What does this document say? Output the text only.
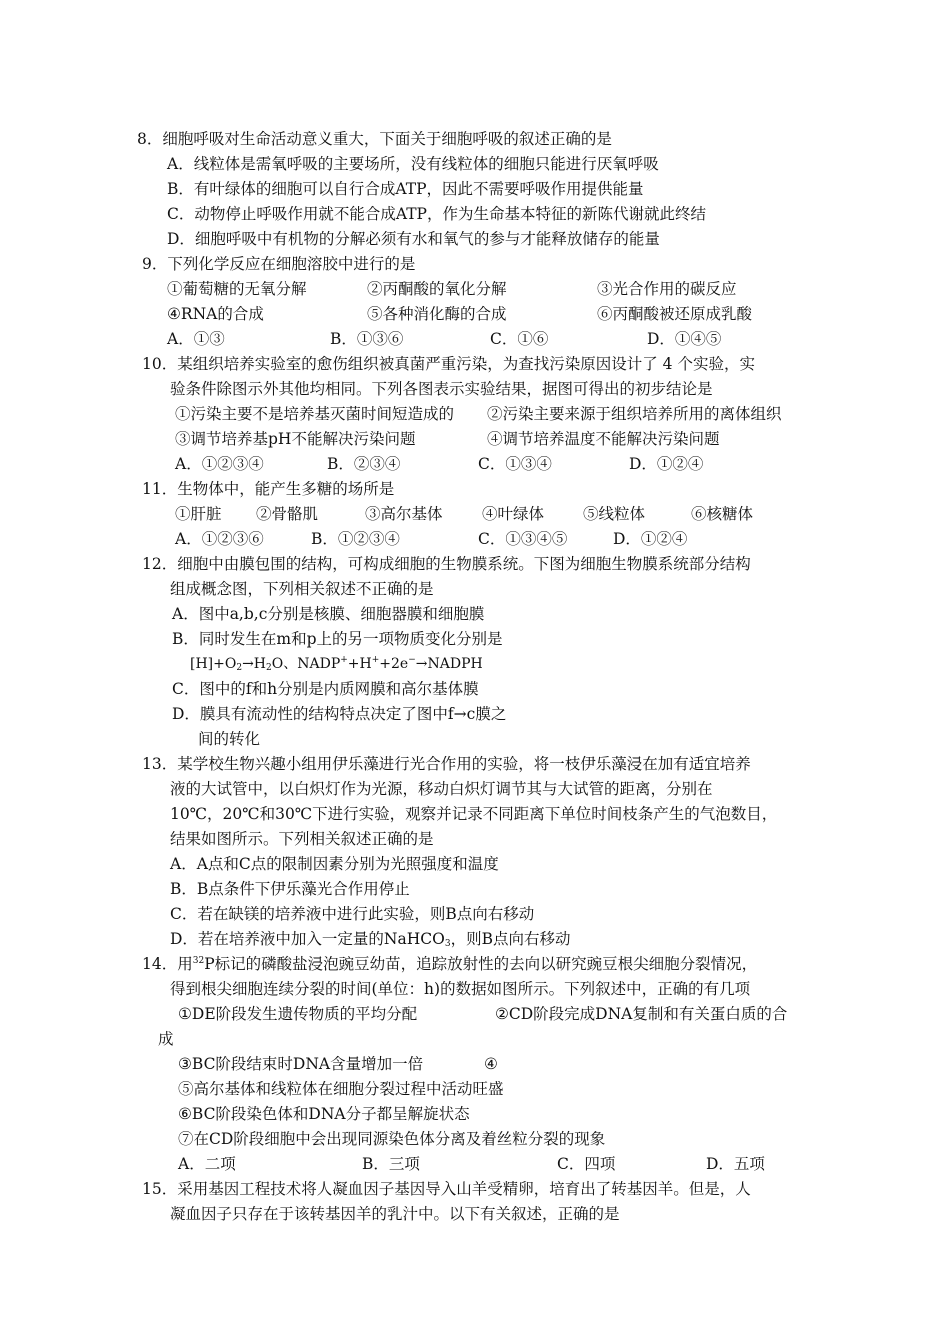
8．细胞呼吸对生命活动意义重大，下面关于细胞呼吸的叙述正确的是
A．线粒体是需氧呼吸的主要场所，没有线粒体的细胞只能进行厌氧呼吸
B．有叶绿体的细胞可以自行合成ATP，因此不需要呼吸作用提供能量
C．动物停止呼吸作用就不能合成ATP，作为生命基本特征的新陈代谢就此终结
D．细胞呼吸中有机物的分解必须有水和氧气的参与才能释放储存的能量
9．下列化学反应在细胞溶胶中进行的是
①葡萄糖的无氧分解	②丙酮酸的氧化分解	③光合作用的碳反应
④RNA的合成	⑤各种消化酶的合成	⑥丙酮酸被还原成乳酸
A．①③	B．①③⑥	C．①⑥	D．①④⑤
10．某组织培养实验室的愈伤组织被真菌严重污染，为查找污染原因设计了 4 个实验，实
验条件除图示外其他均相同。下列各图表示实验结果，据图可得出的初步结论是
①污染主要不是培养基灭菌时间短造成的 ②污染主要来源于组织培养所用的离体组织
③调节培养基pH不能解决污染问题	④调节培养温度不能解决污染问题
A．①②③④	B．②③④	C．①③④	D．①②④
11．生物体中，能产生多糖的场所是
①肝脏 ②骨骼肌	③高尔基体	④叶绿体	⑤线粒体	⑥核糖体
A．①②③⑥	B．①②③④	C．①③④⑤	D．①②④
12．细胞中由膜包围的结构，可构成细胞的生物膜系统。下图为细胞生物膜系统部分结构
组成概念图，下列相关叙述不正确的是
A．图中a,b,c分别是核膜、细胞器膜和细胞膜
B．同时发生在m和p上的另一项物质变化分别是
$[H]+O_2\to H_2O$、NADP++H++2e−→NADPH
C．图中的f和h分别是内质网膜和高尔基体膜
D．膜具有流动性的结构特点决定了图中f→c膜之
间的转化
13．某学校生物兴趣小组用伊乐藻进行光合作用的实验，将一枝伊乐藻浸在加有适宜培养
液的大试管中，以白炽灯作为光源，移动白炽灯调节其与大试管的距离，分别在
10℃，20℃和30℃下进行实验，观察并记录不同距离下单位时间枝条产生的气泡数目，
结果如图所示。下列相关叙述正确的是
A．A点和C点的限制因素分别为光照强度和温度
B．B点条件下伊乐藻光合作用停止
C．若在缺镁的培养液中进行此实验，则B点向右移动
D．若在培养液中加入一定量的NaHCO$_3$，则B点向右移动
14．用$^{32}$P标记的磷酸盐浸泡豌豆幼苗，追踪放射性的去向以研究豌豆根尖细胞分裂情况，
得到根尖细胞连续分裂的时间(单位：h)的数据如图所示。下列叙述中，正确的有几项
①DE阶段发生遗传物质的平均分配	②CD阶段完成DNA复制和有关蛋白质的合
成
③BC阶段结束时DNA含量增加一倍	④
⑤高尔基体和线粒体在细胞分裂过程中活动旺盛
⑥BC阶段染色体和DNA分子都呈解旋状态
⑦在CD阶段细胞中会出现同源染色体分离及着丝粒分裂的现象
A．二项	B．三项	C．四项	D．五项
15．采用基因工程技术将人凝血因子基因导入山羊受精卵，培育出了转基因羊。但是，人
凝血因子只存在于该转基因羊的乳汁中。以下有关叙述，正确的是
